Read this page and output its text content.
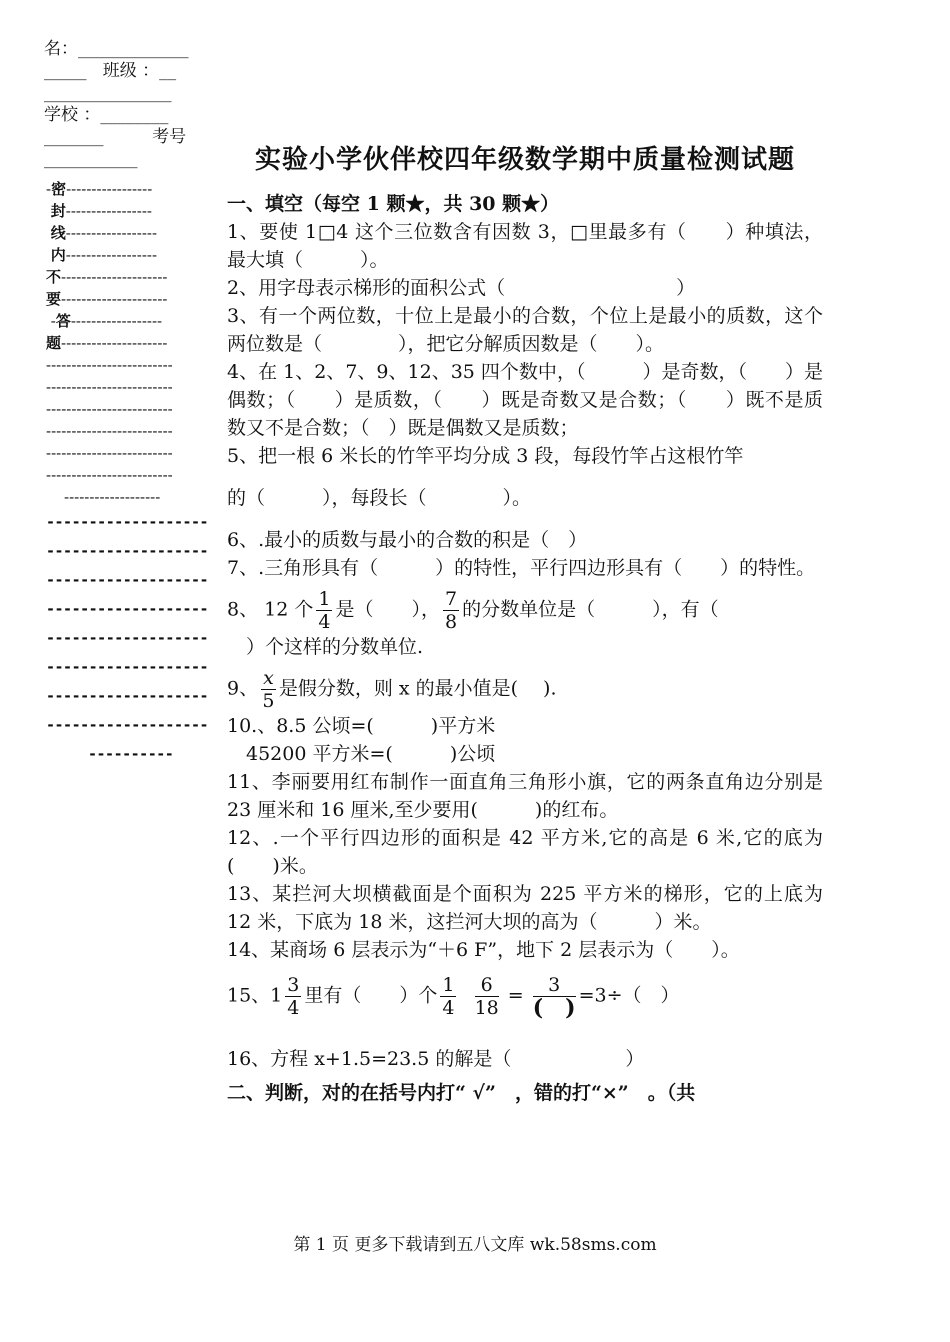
名：_____________
_____ 班级 ：__
_______________
学校 ：________
_______	考号
___________
-密-----------------
封-----------------
线------------------
内------------------
不---------------------
要---------------------
-答------------------
题---------------------
-------------------------
-------------------------
-------------------------
-------------------------
-------------------------
-------------------------
-------------------
-------------------
-------------------
-------------------
-------------------
-------------------
-------------------
-------------------
-------------------
----------
实验小学伙伴校四年级数学期中质量检测试题
一、填空（每空 1 颗★，共 30 颗★）
1、要使 1□4 这个三位数含有因数 3，□里最多有（　　）种填法，最大填（　　　）。
2、用字母表示梯形的面积公式（　　　　　　　　　）
3、有一个两位数，十位上是最小的合数，个位上是最小的质数，这个两位数是（　　　　），把它分解质因数是（　　）。
4、在 1、2、7、9、12、35 四个数中，（　　　）是奇数，（　　）是偶数；（　　）是质数，（　　）既是奇数又是合数；（　　）既不是质数又不是合数；（　）既是偶数又是质数；
5、把一根 6 米长的竹竿平均分成 3 段，每段竹竿占这根竹竿
的（　　　），每段长（　　　　）。
6、.最小的质数与最小的合数的积是（　）
7、.三角形具有（　　　）的特性，平行四边形具有（　　）的特性。
8、 12 个 $\frac{1}{4}$ 是（　　）， $\frac{7}{8}$ 的分数单位是（　　　），有（
　）个这样的分数单位.
9、 $\frac{x}{5}$ 是假分数，则 x 的最小值是(　 ).
10.、8.5 公顷=(　　　)平方米
　45200 平方米=(　　　)公顷
11、李丽要用红布制作一面直角三角形小旗，它的两条直角边分别是 23 厘米和 16 厘米,至少要用(　　　)的红布。
12、.一个平行四边形的面积是 42 平方米,它的高是 6 米,它的底为(　　)米。
13、某拦河大坝横截面是个面积为 225 平方米的梯形，它的上底为 12 米，下底为 18 米，这拦河大坝的高为（　　　）米。
14、某商场 6 层表示为“＋6 F”，地下 2 层表示为（　　）。
15、$1 \frac{3}{4}$ 里有（　　）个 $\frac{1}{4}$
$\frac{6}{18} = \frac{3}{( )} =3\div$（　）
16、方程 x+1.5=23.5 的解是（　　　　　　）
二、判断，对的在括号内打“ √”　，错的打“×”　。（共
第 1 页 更多下载请到五八文库 wk.58sms.com
